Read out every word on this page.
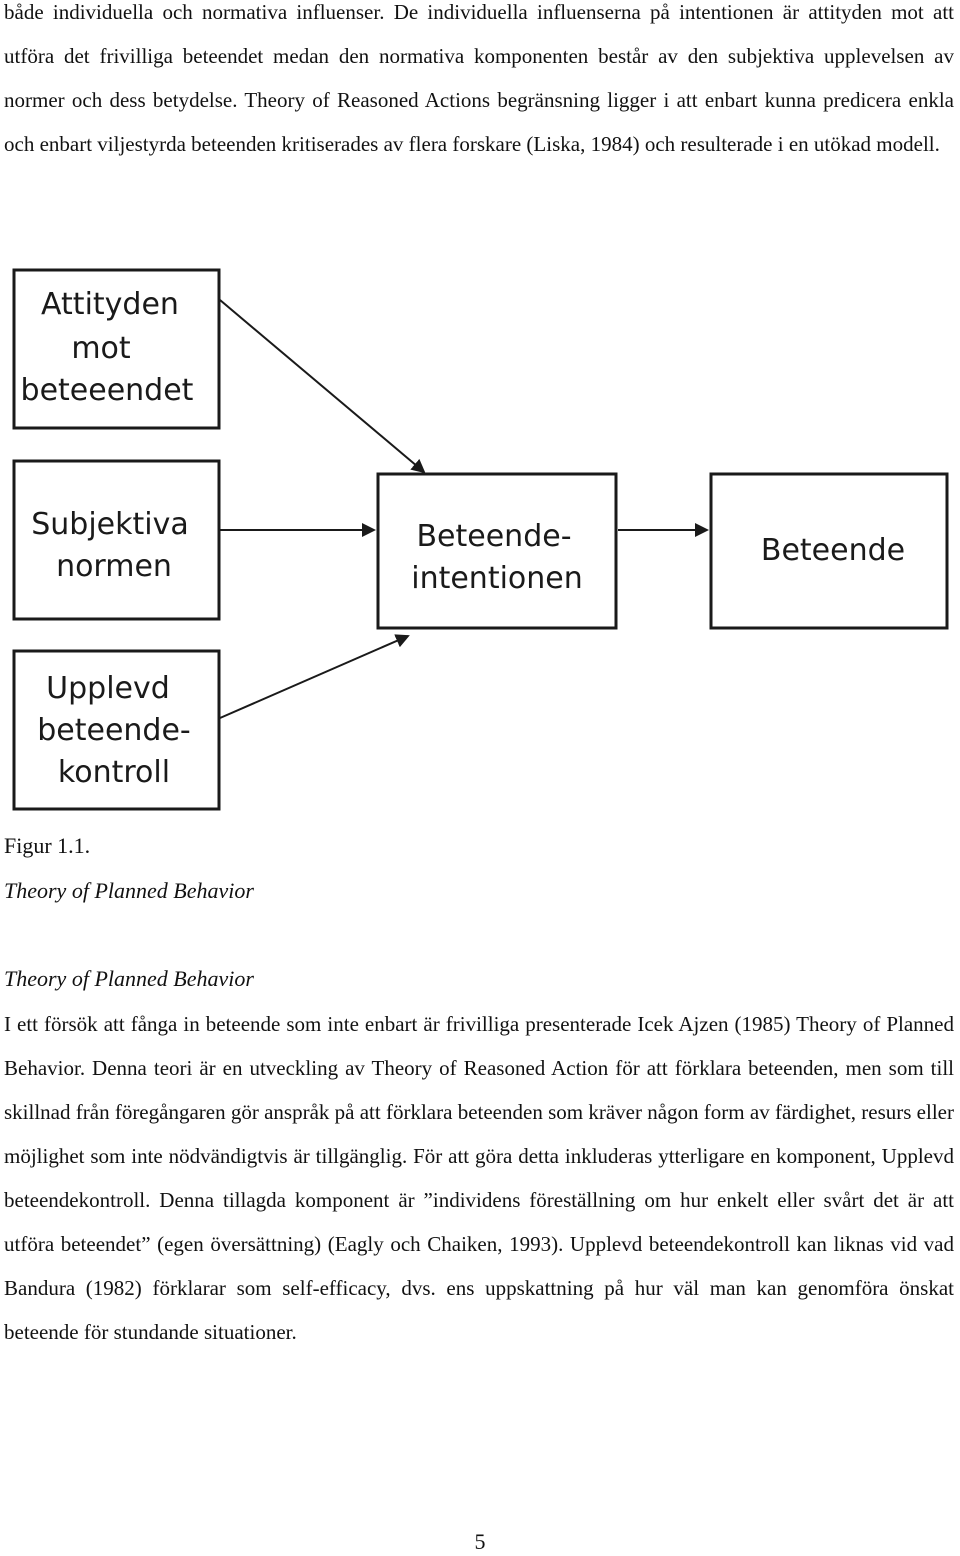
både individuella och normativa influenser. De individuella influenserna på intentionen är attityden mot att utföra det frivilliga beteendet medan den normativa komponenten består av den subjektiva upplevelsen av normer och dess betydelse. Theory of Reasoned Actions begränsning ligger i att enbart kunna predicera enkla och enbart viljestyrda beteenden kritiserades av flera forskare (Liska, 1984) och resulterade i en utökad modell.

Attityden
mot
beteeendet
Subjektiva
normen
Upplevd
beteende-
kontroll
Beteende-
intentionen
Beteende

Figur 1.1.

Theory of Planned Behavior

Theory of Planned Behavior

I ett försök att fånga in beteende som inte enbart är frivilliga presenterade Icek Ajzen (1985) Theory of Planned Behavior. Denna teori är en utveckling av Theory of Reasoned Action för att förklara beteenden, men som till skillnad från föregångaren gör anspråk på att förklara beteenden som kräver någon form av färdighet, resurs eller möjlighet som inte nödvändigtvis är tillgänglig. För att göra detta inkluderas ytterligare en komponent, Upplevd beteendekontroll. Denna tillagda komponent är ”individens föreställning om hur enkelt eller svårt det är att utföra beteendet” (egen översättning) (Eagly och Chaiken, 1993). Upplevd beteendekontroll kan liknas vid vad Bandura (1982) förklarar som self-efficacy, dvs. ens uppskattning på hur väl man kan genomföra önskat beteende för stundande situationer.

5
